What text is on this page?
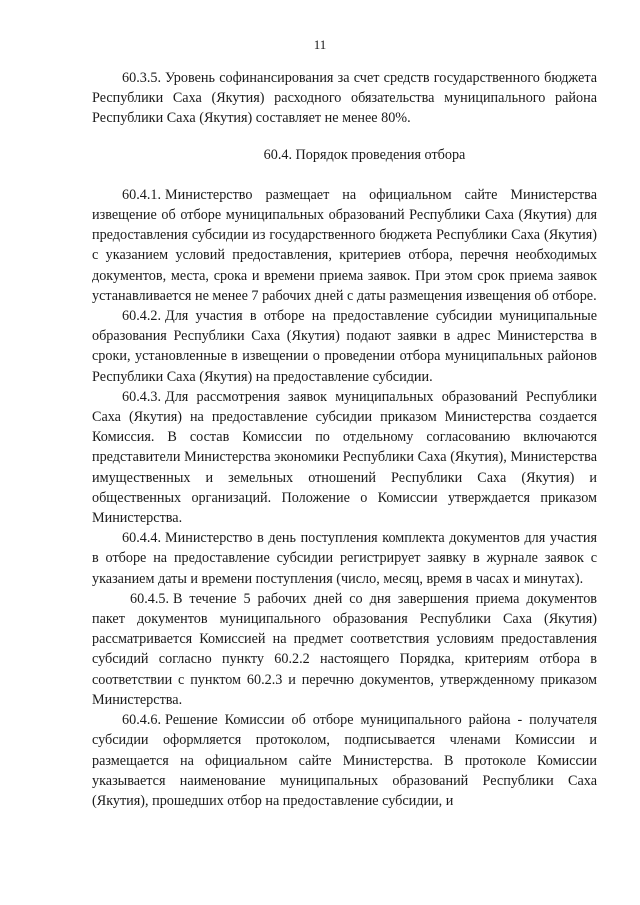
11

60.3.5. Уровень софинансирования за счет средств государственного бюджета Республики Саха (Якутия) расходного обязательства муниципального района Республики Саха (Якутия) составляет не менее 80%.

60.4. Порядок проведения отбора

60.4.1. Министерство размещает на официальном сайте Министерства извещение об отборе муниципальных образований Республики Саха (Якутия) для предоставления субсидии из государственного бюджета Республики Саха (Якутия) с указанием условий предоставления, критериев отбора, перечня необходимых документов, места, срока и времени приема заявок. При этом срок приема заявок устанавливается не менее 7 рабочих дней с даты размещения извещения об отборе.

60.4.2. Для участия в отборе на предоставление субсидии муниципальные образования Республики Саха (Якутия) подают заявки в адрес Министерства в сроки, установленные в извещении о проведении отбора муниципальных районов Республики Саха (Якутия) на предоставление субсидии.

60.4.3. Для рассмотрения заявок муниципальных образований Республики Саха (Якутия) на предоставление субсидии приказом Министерства создается Комиссия. В состав Комиссии по отдельному согласованию включаются представители Министерства экономики Республики Саха (Якутия), Министерства имущественных и земельных отношений Республики Саха (Якутия) и общественных организаций. Положение о Комиссии утверждается приказом Министерства.

60.4.4. Министерство в день поступления комплекта документов для участия в отборе на предоставление субсидии регистрирует заявку в журнале заявок с указанием даты и времени поступления (число, месяц, время в часах и минутах).

60.4.5. В течение 5 рабочих дней со дня завершения приема документов пакет документов муниципального образования Республики Саха (Якутия) рассматривается Комиссией на предмет соответствия условиям предоставления субсидий согласно пункту 60.2.2 настоящего Порядка, критериям отбора в соответствии с пунктом 60.2.3 и перечню документов, утвержденному приказом Министерства.

60.4.6. Решение Комиссии об отборе муниципального района - получателя субсидии оформляется протоколом, подписывается членами Комиссии и размещается на официальном сайте Министерства. В протоколе Комиссии указывается наименование муниципальных образований Республики Саха (Якутия), прошедших отбор на предоставление субсидии, и
